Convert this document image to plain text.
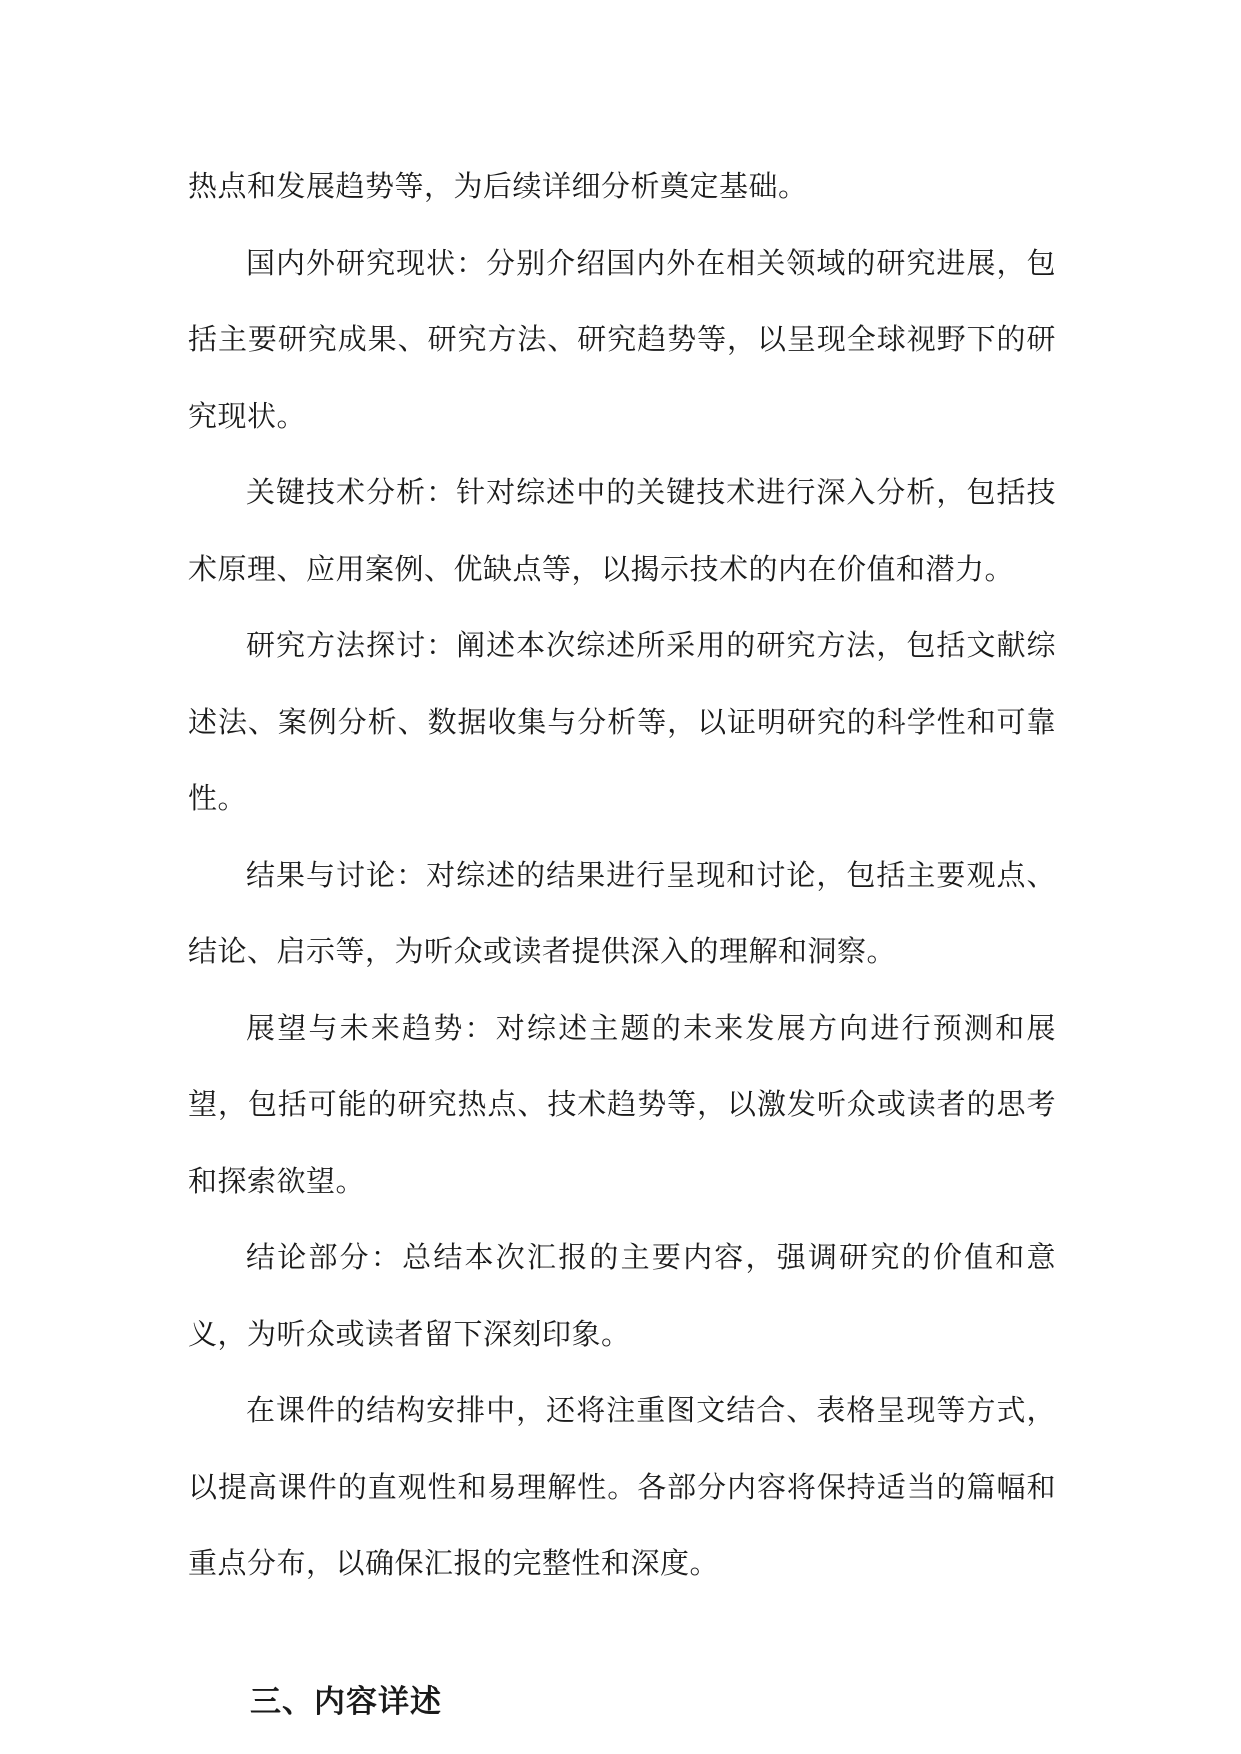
热点和发展趋势等，为后续详细分析奠定基础。

国内外研究现状：分别介绍国内外在相关领域的研究进展，包括主要研究成果、研究方法、研究趋势等，以呈现全球视野下的研究现状。

关键技术分析：针对综述中的关键技术进行深入分析，包括技术原理、应用案例、优缺点等，以揭示技术的内在价值和潜力。

研究方法探讨：阐述本次综述所采用的研究方法，包括文献综述法、案例分析、数据收集与分析等，以证明研究的科学性和可靠性。

结果与讨论：对综述的结果进行呈现和讨论，包括主要观点、结论、启示等，为听众或读者提供深入的理解和洞察。

展望与未来趋势：对综述主题的未来发展方向进行预测和展望，包括可能的研究热点、技术趋势等，以激发听众或读者的思考和探索欲望。

结论部分：总结本次汇报的主要内容，强调研究的价值和意义，为听众或读者留下深刻印象。

在课件的结构安排中，还将注重图文结合、表格呈现等方式，以提高课件的直观性和易理解性。各部分内容将保持适当的篇幅和重点分布，以确保汇报的完整性和深度。

三、内容详述
